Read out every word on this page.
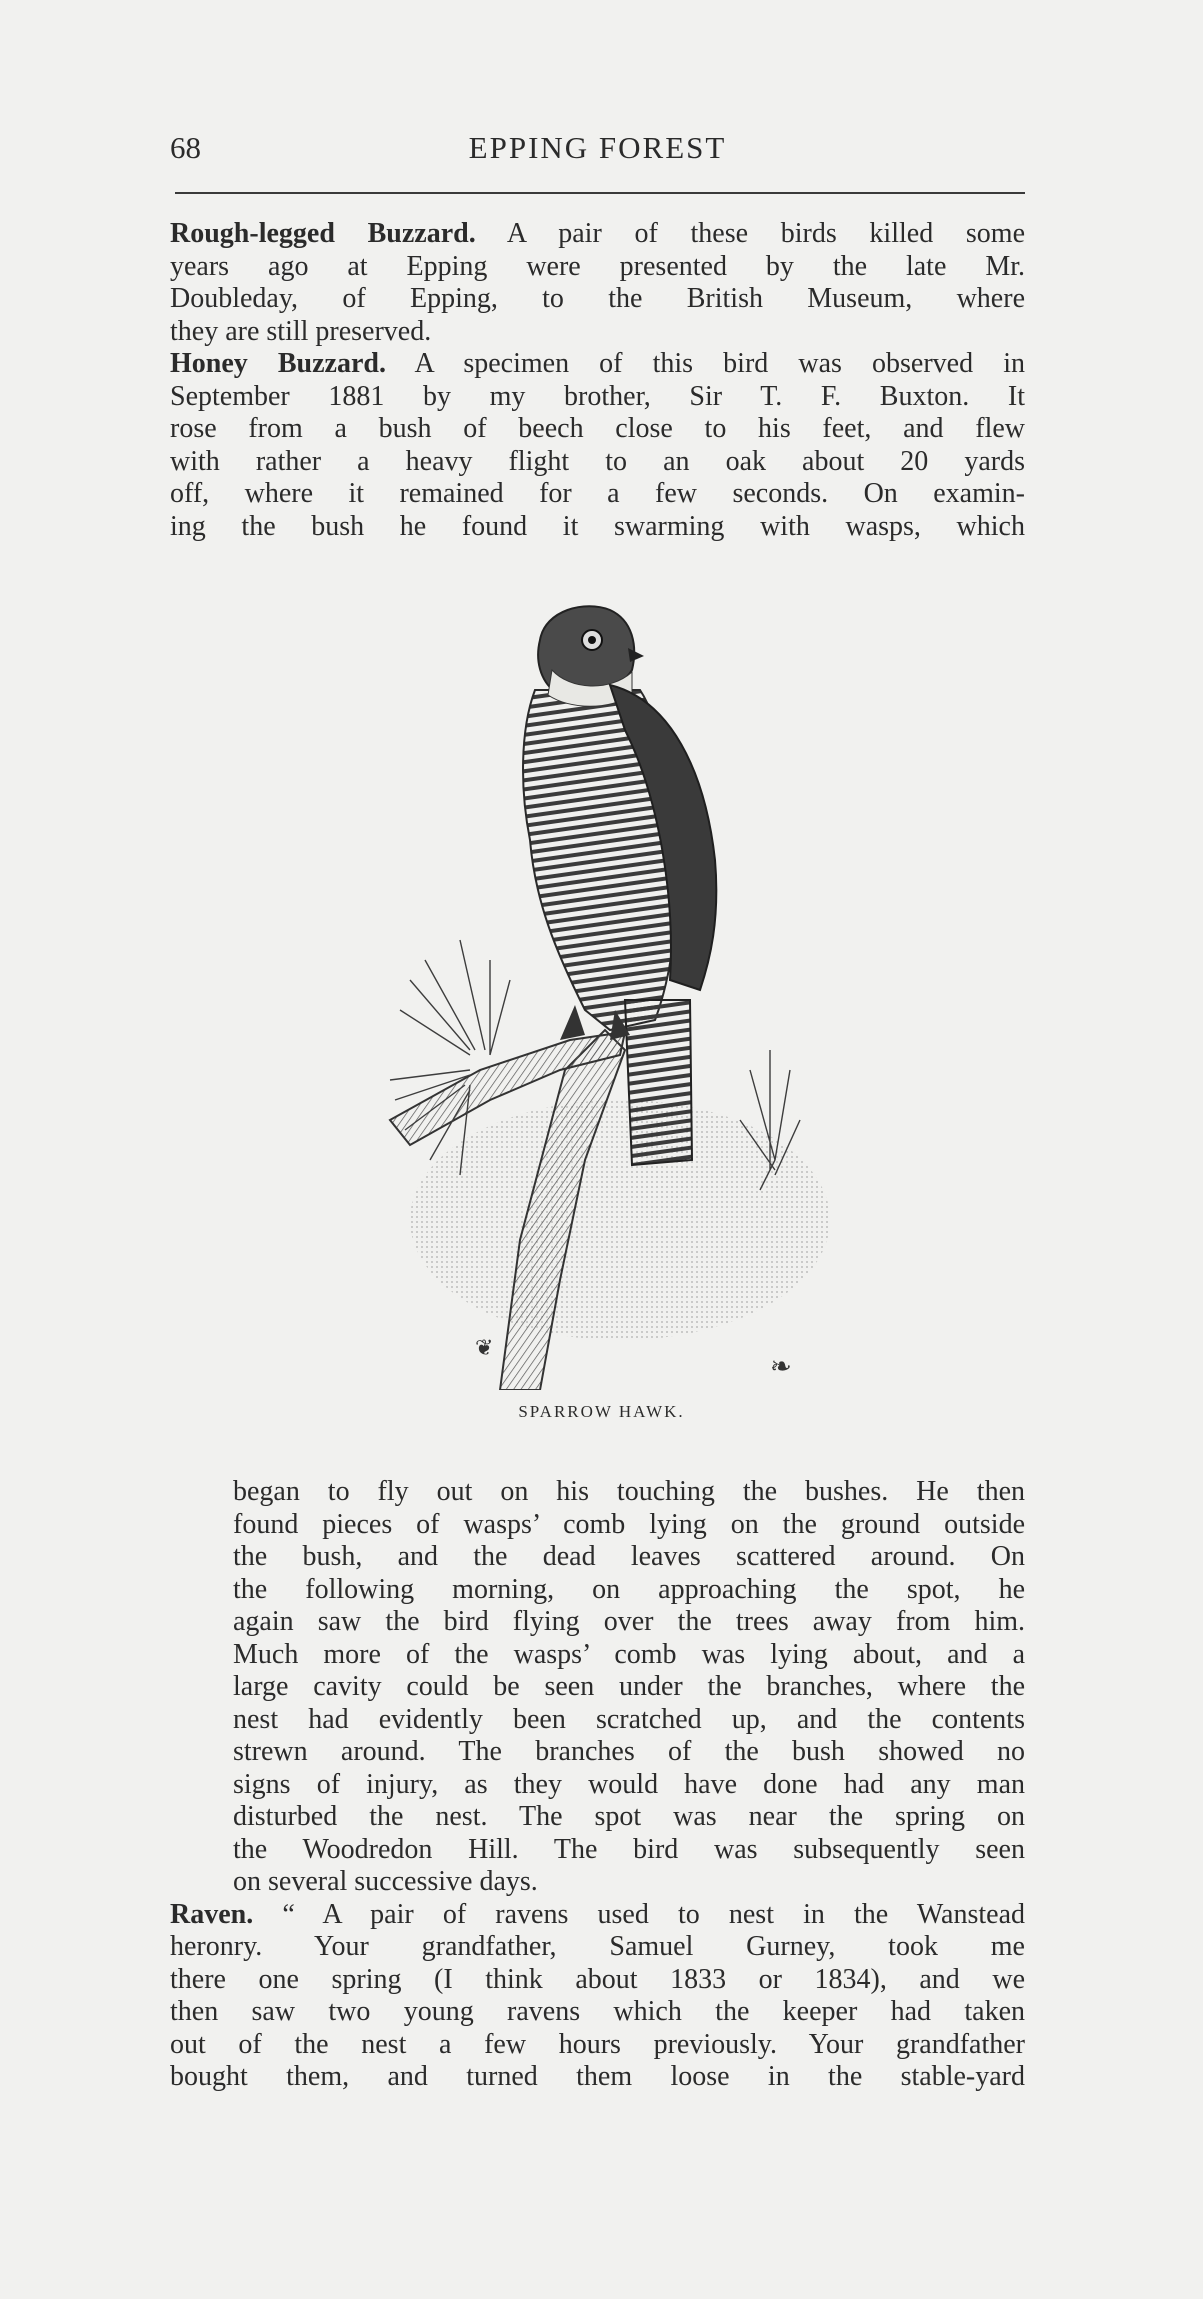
68	EPPING FOREST
Rough-legged Buzzard. A pair of these birds killed some
years ago at Epping were presented by the late Mr.
Doubleday, of Epping, to the British Museum, where
they are still preserved.
Honey Buzzard. A specimen of this bird was observed in
September 1881 by my brother, Sir T. F. Buxton. It
rose from a bush of beech close to his feet, and flew
with rather a heavy flight to an oak about 20 yards
off, where it remained for a few seconds. On examin-
ing the bush he found it swarming with wasps, which
❦
❧
SPARROW HAWK.
began to fly out on his touching the bushes. He then
found pieces of wasps’ comb lying on the ground outside
the bush, and the dead leaves scattered around. On
the following morning, on approaching the spot, he
again saw the bird flying over the trees away from him.
Much more of the wasps’ comb was lying about, and a
large cavity could be seen under the branches, where the
nest had evidently been scratched up, and the contents
strewn around. The branches of the bush showed no
signs of injury, as they would have done had any man
disturbed the nest. The spot was near the spring on
the Woodredon Hill. The bird was subsequently seen
on several successive days.
Raven. “ A pair of ravens used to nest in the Wanstead
heronry. Your grandfather, Samuel Gurney, took me
there one spring (I think about 1833 or 1834), and we
then saw two young ravens which the keeper had taken
out of the nest a few hours previously. Your grandfather
bought them, and turned them loose in the stable-yard
